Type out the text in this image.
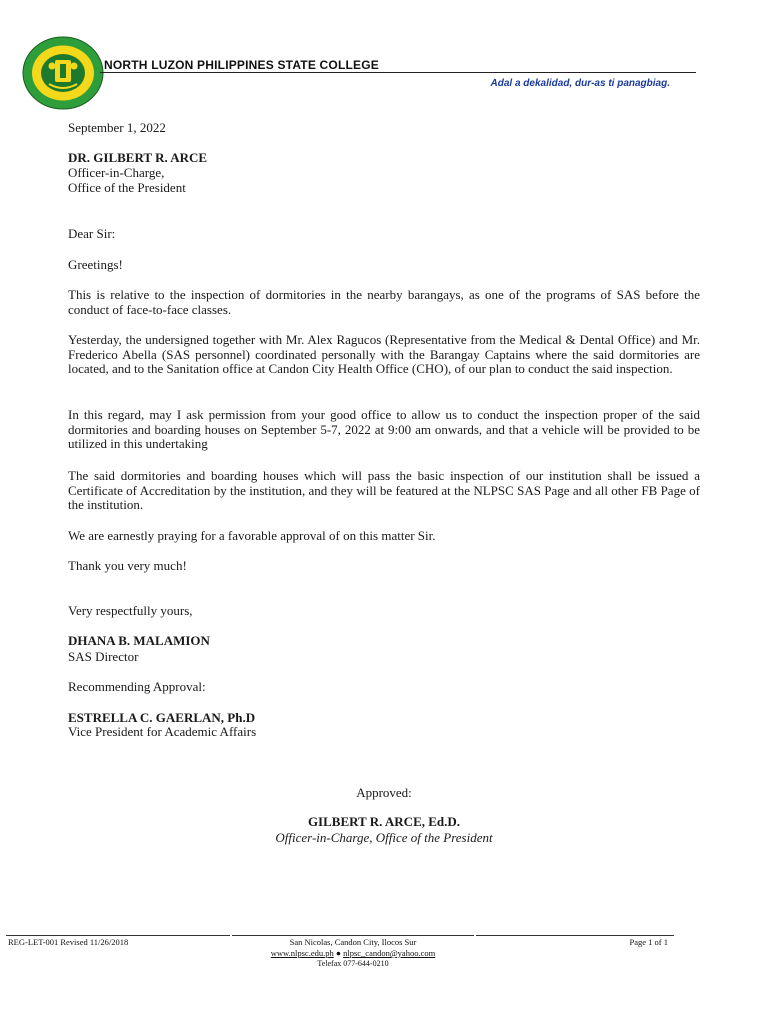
NORTH LUZON PHILIPPINES STATE COLLEGE
Adal a dekalidad, dur-as ti panagbiag.
September 1, 2022
DR. GILBERT R. ARCE
Officer-in-Charge,
Office of the President
Dear Sir:
Greetings!
This is relative to the inspection of dormitories in the nearby barangays, as one of the programs of SAS before the conduct of face-to-face classes.
Yesterday, the undersigned together with Mr. Alex Ragucos (Representative from the Medical & Dental Office) and Mr. Frederico Abella (SAS personnel) coordinated personally with the Barangay Captains where the said dormitories are located, and to the Sanitation office at Candon City Health Office (CHO), of our plan to conduct the said inspection.
In this regard, may I ask permission from your good office to allow us to conduct the inspection proper of the said dormitories and boarding houses on September 5-7, 2022 at 9:00 am onwards, and that a vehicle will be provided to be utilized in this undertaking
The said dormitories and boarding houses which will pass the basic inspection of our institution shall be issued a Certificate of Accreditation by the institution, and they will be featured at the NLPSC SAS Page and all other FB Page of the institution.
We are earnestly praying for a favorable approval of on this matter Sir.
Thank you very much!
Very respectfully yours,
DHANA B. MALAMION
SAS Director
Recommending Approval:
ESTRELLA C. GAERLAN, Ph.D
Vice President for Academic Affairs
Approved:
GILBERT R. ARCE, Ed.D.
Officer-in-Charge, Office of the President
REG-LET-001 Revised 11/26/2018	San Nicolas, Candon City, Ilocos Sur
www.nlpsc.edu.ph ● nlpsc_candon@yahoo.com
Telefax 077-644-0210
Page 1 of 1
